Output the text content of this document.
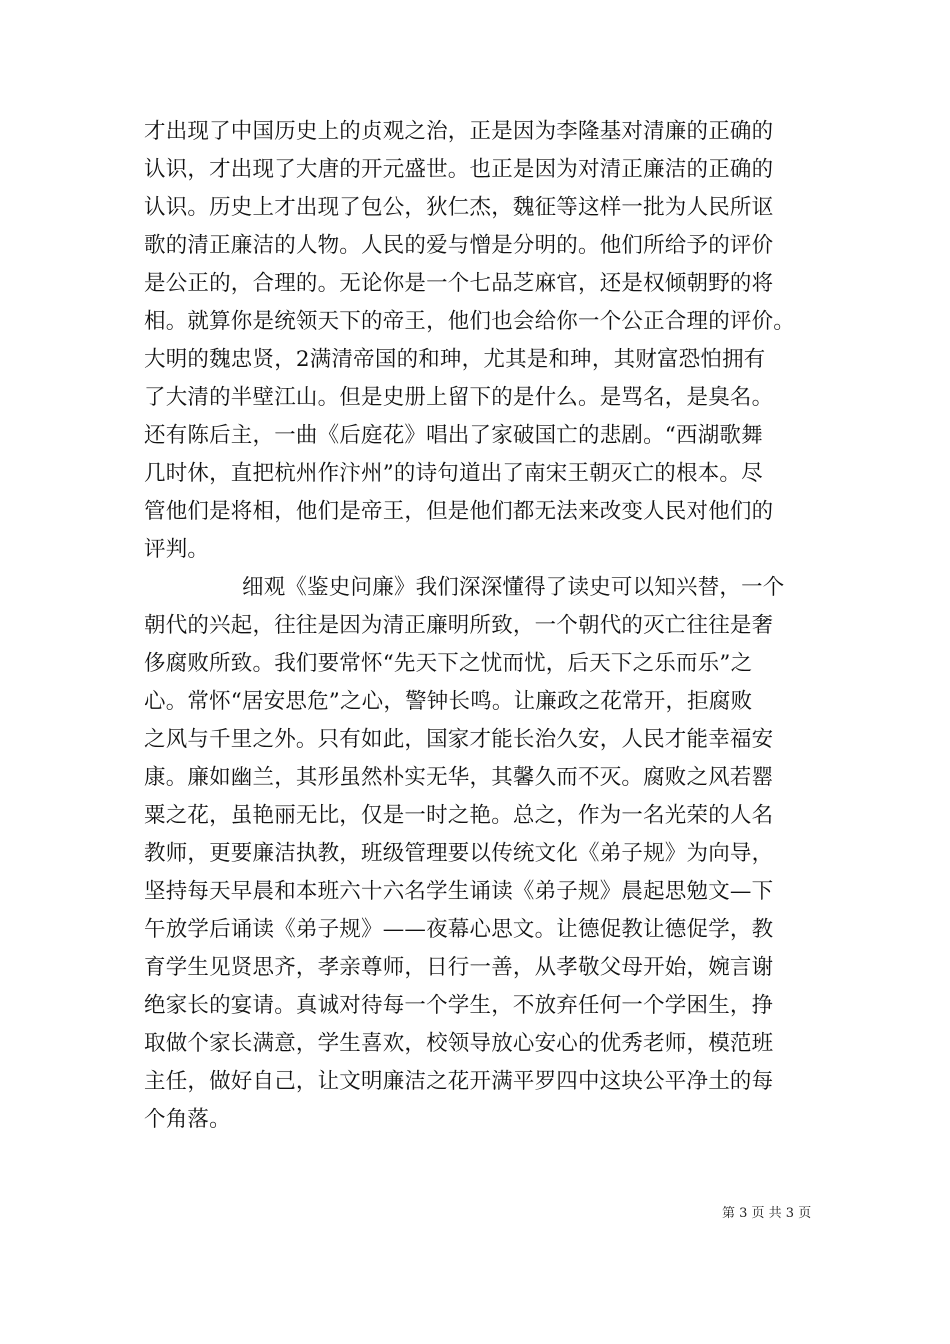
才出现了中国历史上的贞观之治，正是因为李隆基对清廉的正确的
认识，才出现了大唐的开元盛世。也正是因为对清正廉洁的正确的
认识。历史上才出现了包公，狄仁杰，魏征等这样一批为人民所讴
歌的清正廉洁的人物。人民的爱与憎是分明的。他们所给予的评价
是公正的，合理的。无论你是一个七品芝麻官，还是权倾朝野的将
相。就算你是统领天下的帝王，他们也会给你一个公正合理的评价。
大明的魏忠贤，2满清帝国的和珅，尤其是和珅，其财富恐怕拥有
了大清的半壁江山。但是史册上留下的是什么。是骂名，是臭名。
还有陈后主，一曲《后庭花》唱出了家破国亡的悲剧。“西湖歌舞
几时休，直把杭州作汴州”的诗句道出了南宋王朝灭亡的根本。尽
管他们是将相，他们是帝王，但是他们都无法来改变人民对他们的
评判。
细观《鉴史问廉》我们深深懂得了读史可以知兴替，一个
朝代的兴起，往往是因为清正廉明所致，一个朝代的灭亡往往是奢
侈腐败所致。我们要常怀“先天下之忧而忧，后天下之乐而乐”之
心。常怀“居安思危”之心，警钟长鸣。让廉政之花常开，拒腐败
之风与千里之外。只有如此，国家才能长治久安，人民才能幸福安
康。廉如幽兰，其形虽然朴实无华，其馨久而不灭。腐败之风若罂
粟之花，虽艳丽无比，仅是一时之艳。总之，作为一名光荣的人名
教师，更要廉洁执教，班级管理要以传统文化《弟子规》为向导，
坚持每天早晨和本班六十六名学生诵读《弟子规》晨起思勉文—下
午放学后诵读《弟子规》——夜幕心思文。让德促教让德促学，教
育学生见贤思齐，孝亲尊师，日行一善，从孝敬父母开始，婉言谢
绝家长的宴请。真诚对待每一个学生，不放弃任何一个学困生，挣
取做个家长满意，学生喜欢，校领导放心安心的优秀老师，模范班
主任，做好自己，让文明廉洁之花开满平罗四中这块公平净土的每
个角落。
第 3 页 共 3 页
